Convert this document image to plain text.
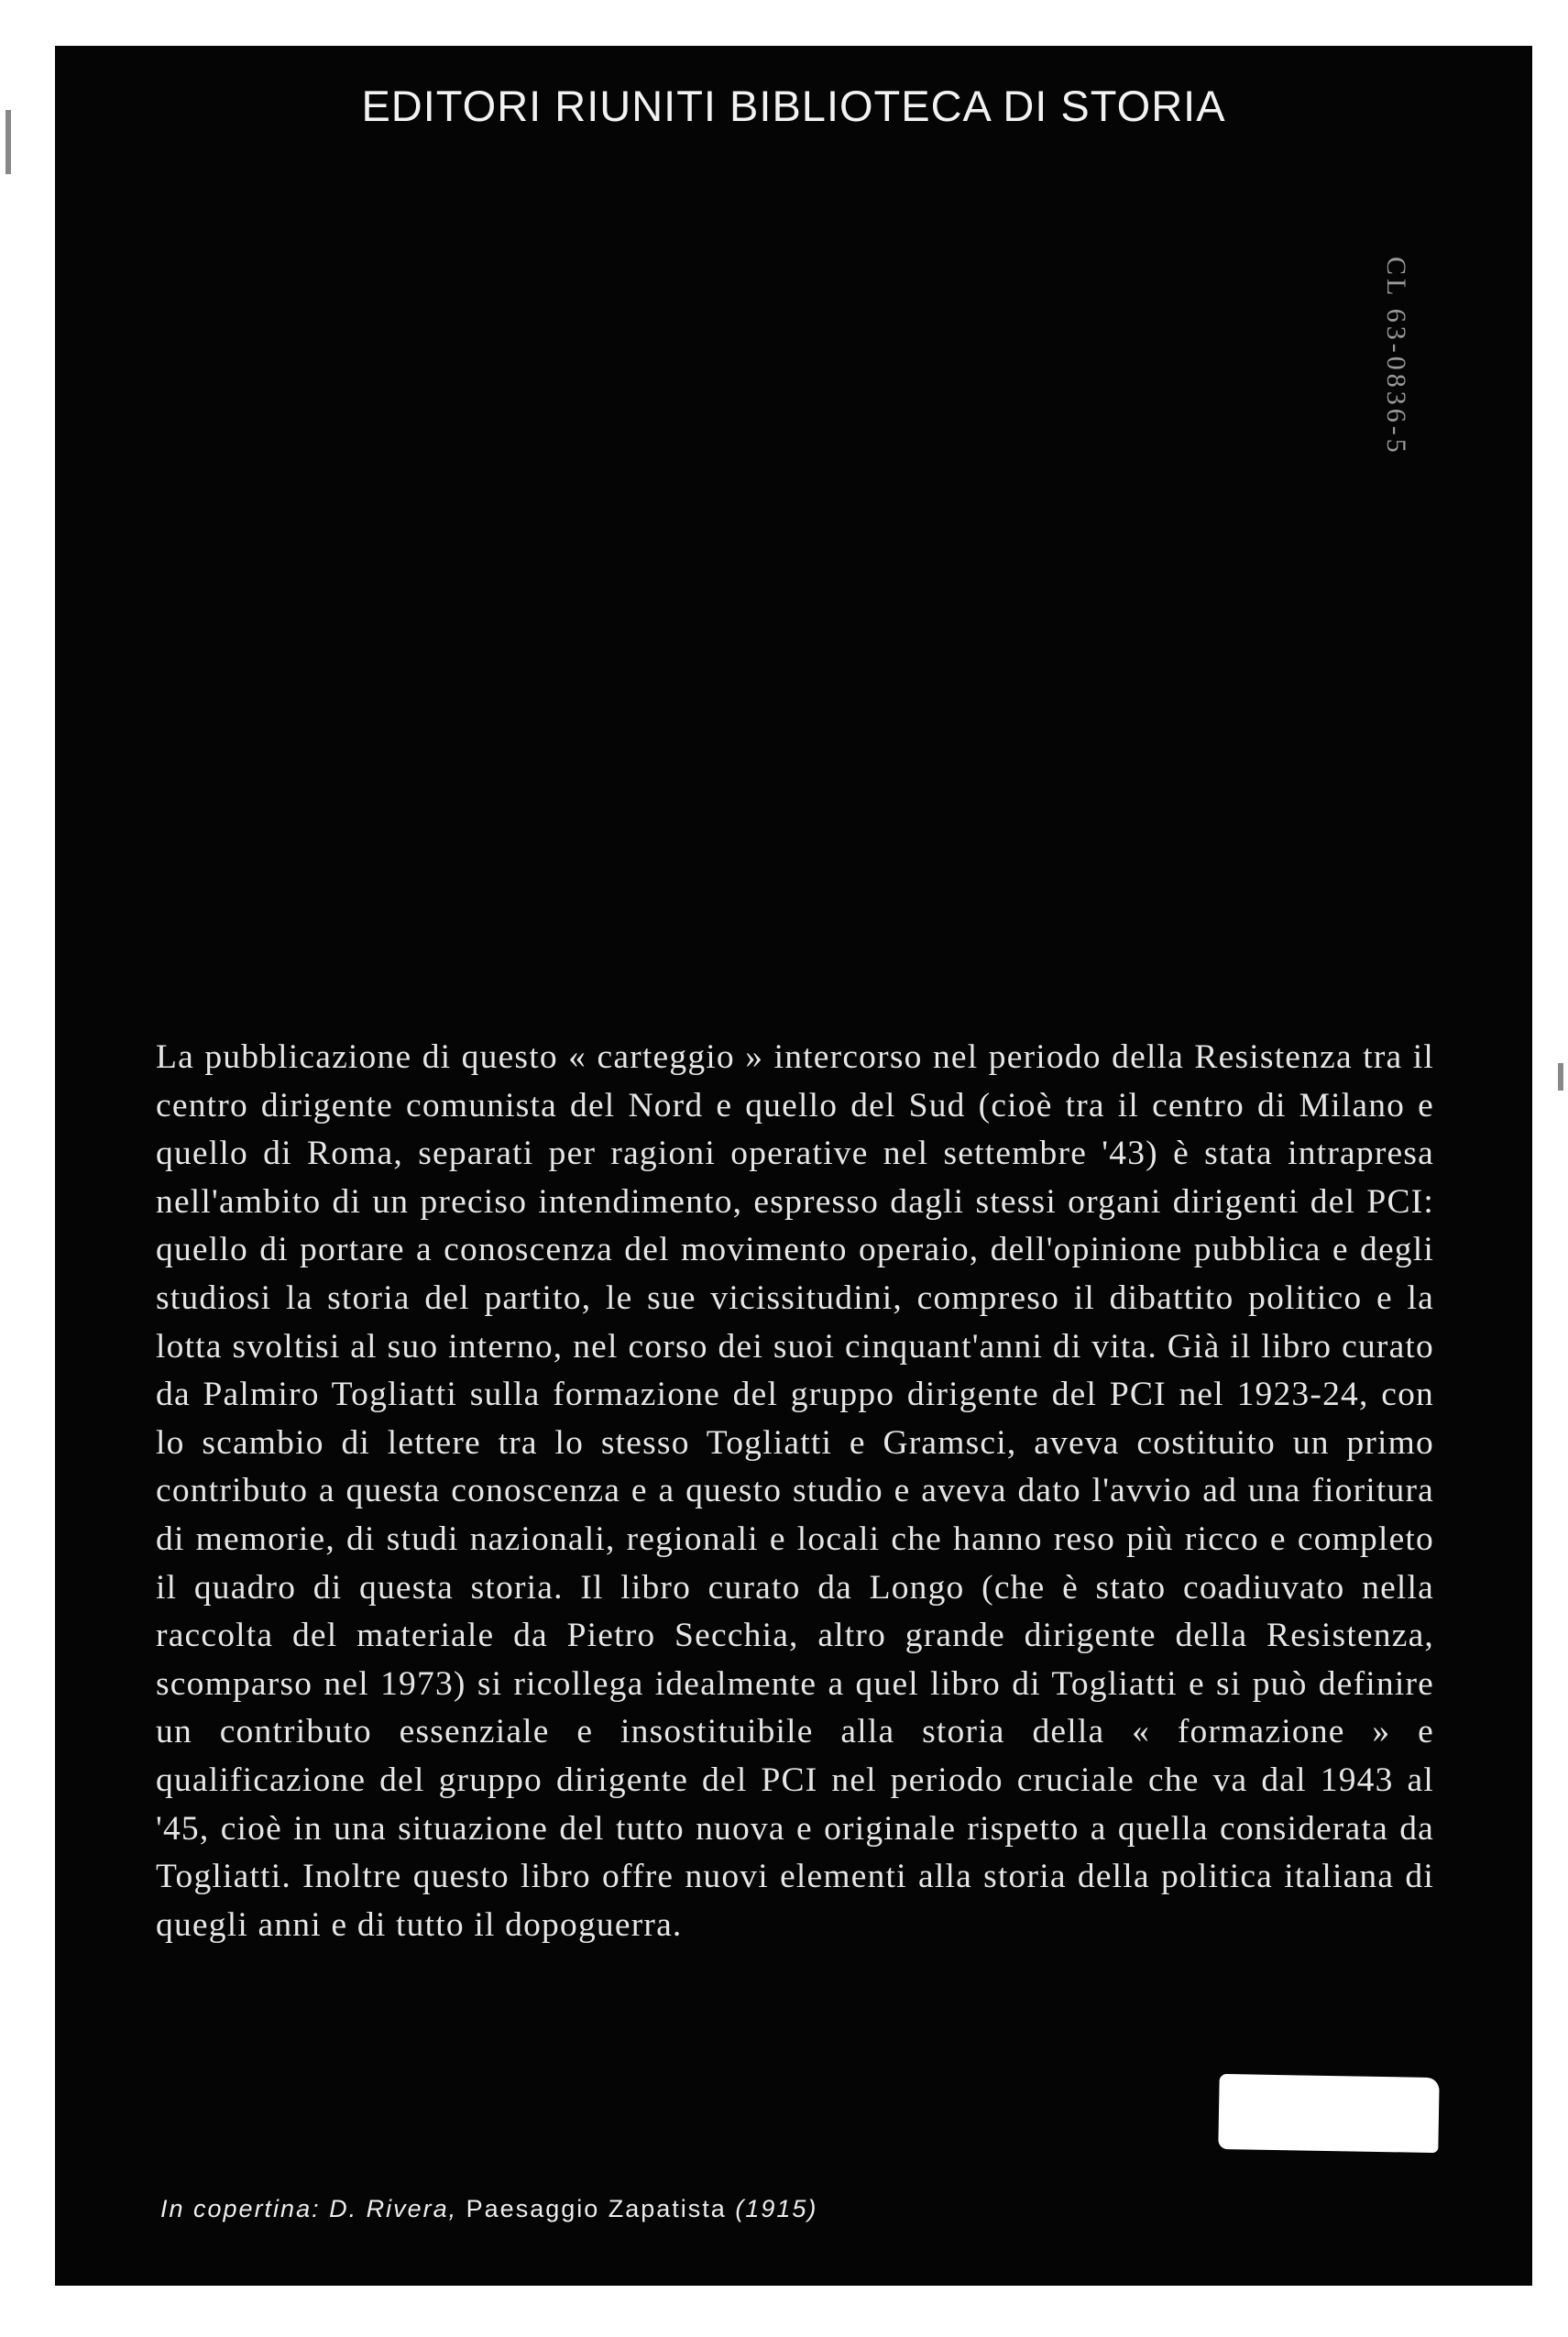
EDITORI RIUNITI BIBLIOTECA DI STORIA
CL 63-0836-5

La pubblicazione di questo « carteggio » intercorso nel periodo della Resistenza tra il centro dirigente comunista del Nord e quello del Sud (cioè tra il centro di Milano e quello di Roma, separati per ragioni operative nel settembre '43) è stata intrapresa nell'ambito di un preciso intendimento, espresso dagli stessi organi dirigenti del PCI: quello di portare a conoscenza del movimento operaio, dell'opinione pubblica e degli studiosi la storia del partito, le sue vicissitudini, compreso il dibattito politico e la lotta svoltisi al suo interno, nel corso dei suoi cinquant'anni di vita. Già il libro curato da Palmiro Togliatti sulla formazione del gruppo dirigente del PCI nel 1923-24, con lo scambio di lettere tra lo stesso Togliatti e Gramsci, aveva costituito un primo contributo a questa conoscenza e a questo studio e aveva dato l'avvio ad una fioritura di memorie, di studi nazionali, regionali e locali che hanno reso più ricco e completo il quadro di questa storia. Il libro curato da Longo (che è stato coadiuvato nella raccolta del materiale da Pietro Secchia, altro grande dirigente della Resistenza, scomparso nel 1973) si ricollega idealmente a quel libro di Togliatti e si può definire un contributo essenziale e insostituibile alla storia della « formazione » e qualificazione del gruppo dirigente del PCI nel periodo cruciale che va dal 1943 al '45, cioè in una situazione del tutto nuova e originale rispetto a quella considerata da Togliatti. Inoltre questo libro offre nuovi elementi alla storia della politica italiana di quegli anni e di tutto il dopoguerra.

In copertina: D. Rivera, Paesaggio Zapatista (1915)
